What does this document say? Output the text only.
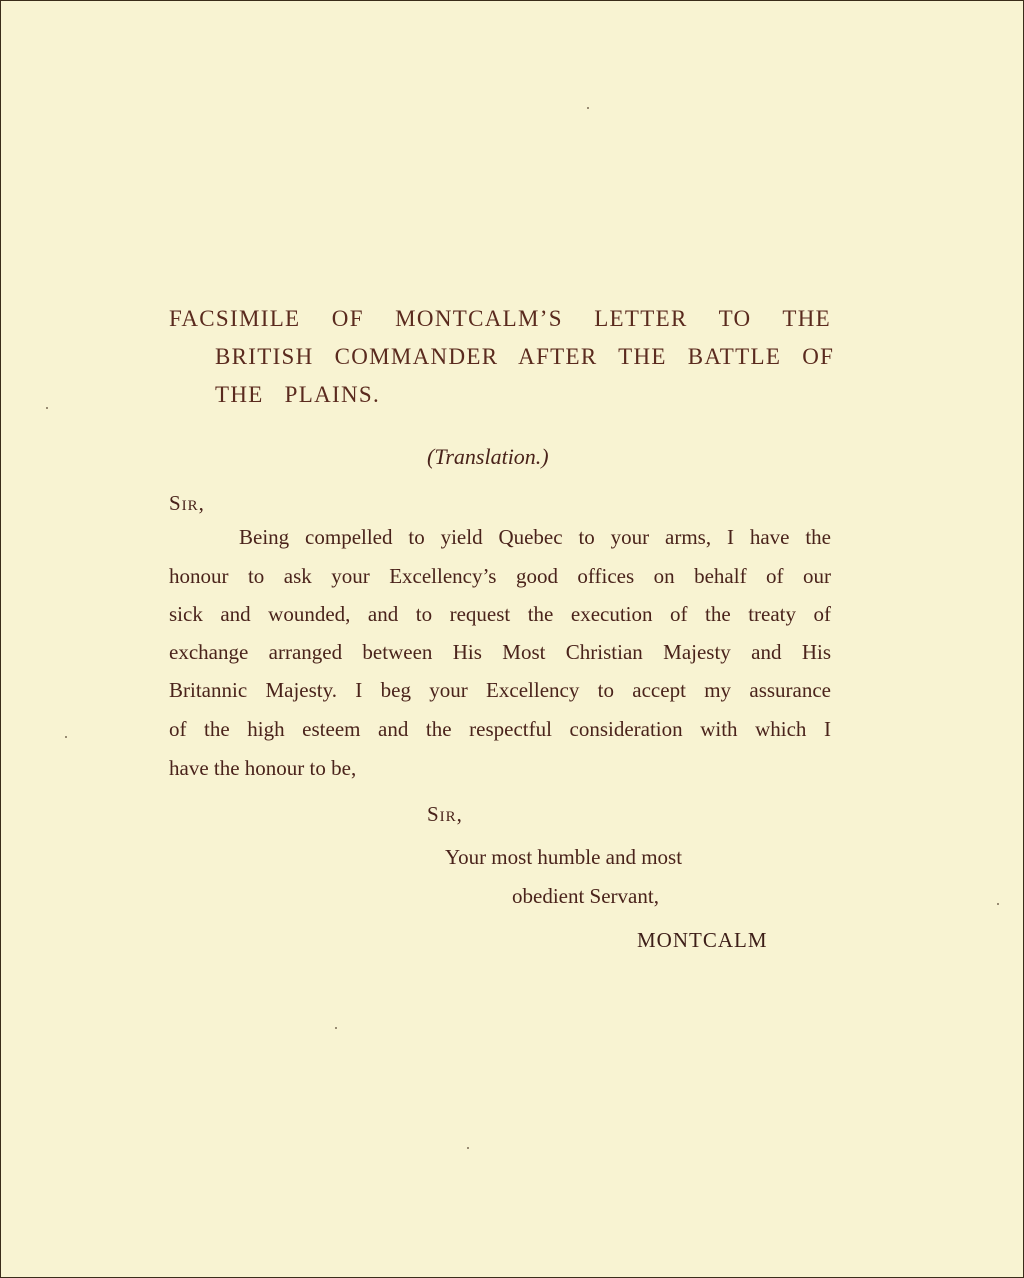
FACSIMILE OF MONTCALM’S LETTER TO THE

BRITISH COMMANDER AFTER THE BATTLE OF

THE PLAINS.

(Translation.)

Sir,

Being compelled to yield Quebec to your arms, I have the

honour to ask your Excellency’s good offices on behalf of our

sick and wounded, and to request the execution of the treaty of

exchange arranged between His Most Christian Majesty and His

Britannic Majesty. I beg your Excellency to accept my assurance

of the high esteem and the respectful consideration with which I

have the honour to be,

Sir,

Your most humble and most

obedient Servant,

MONTCALM
